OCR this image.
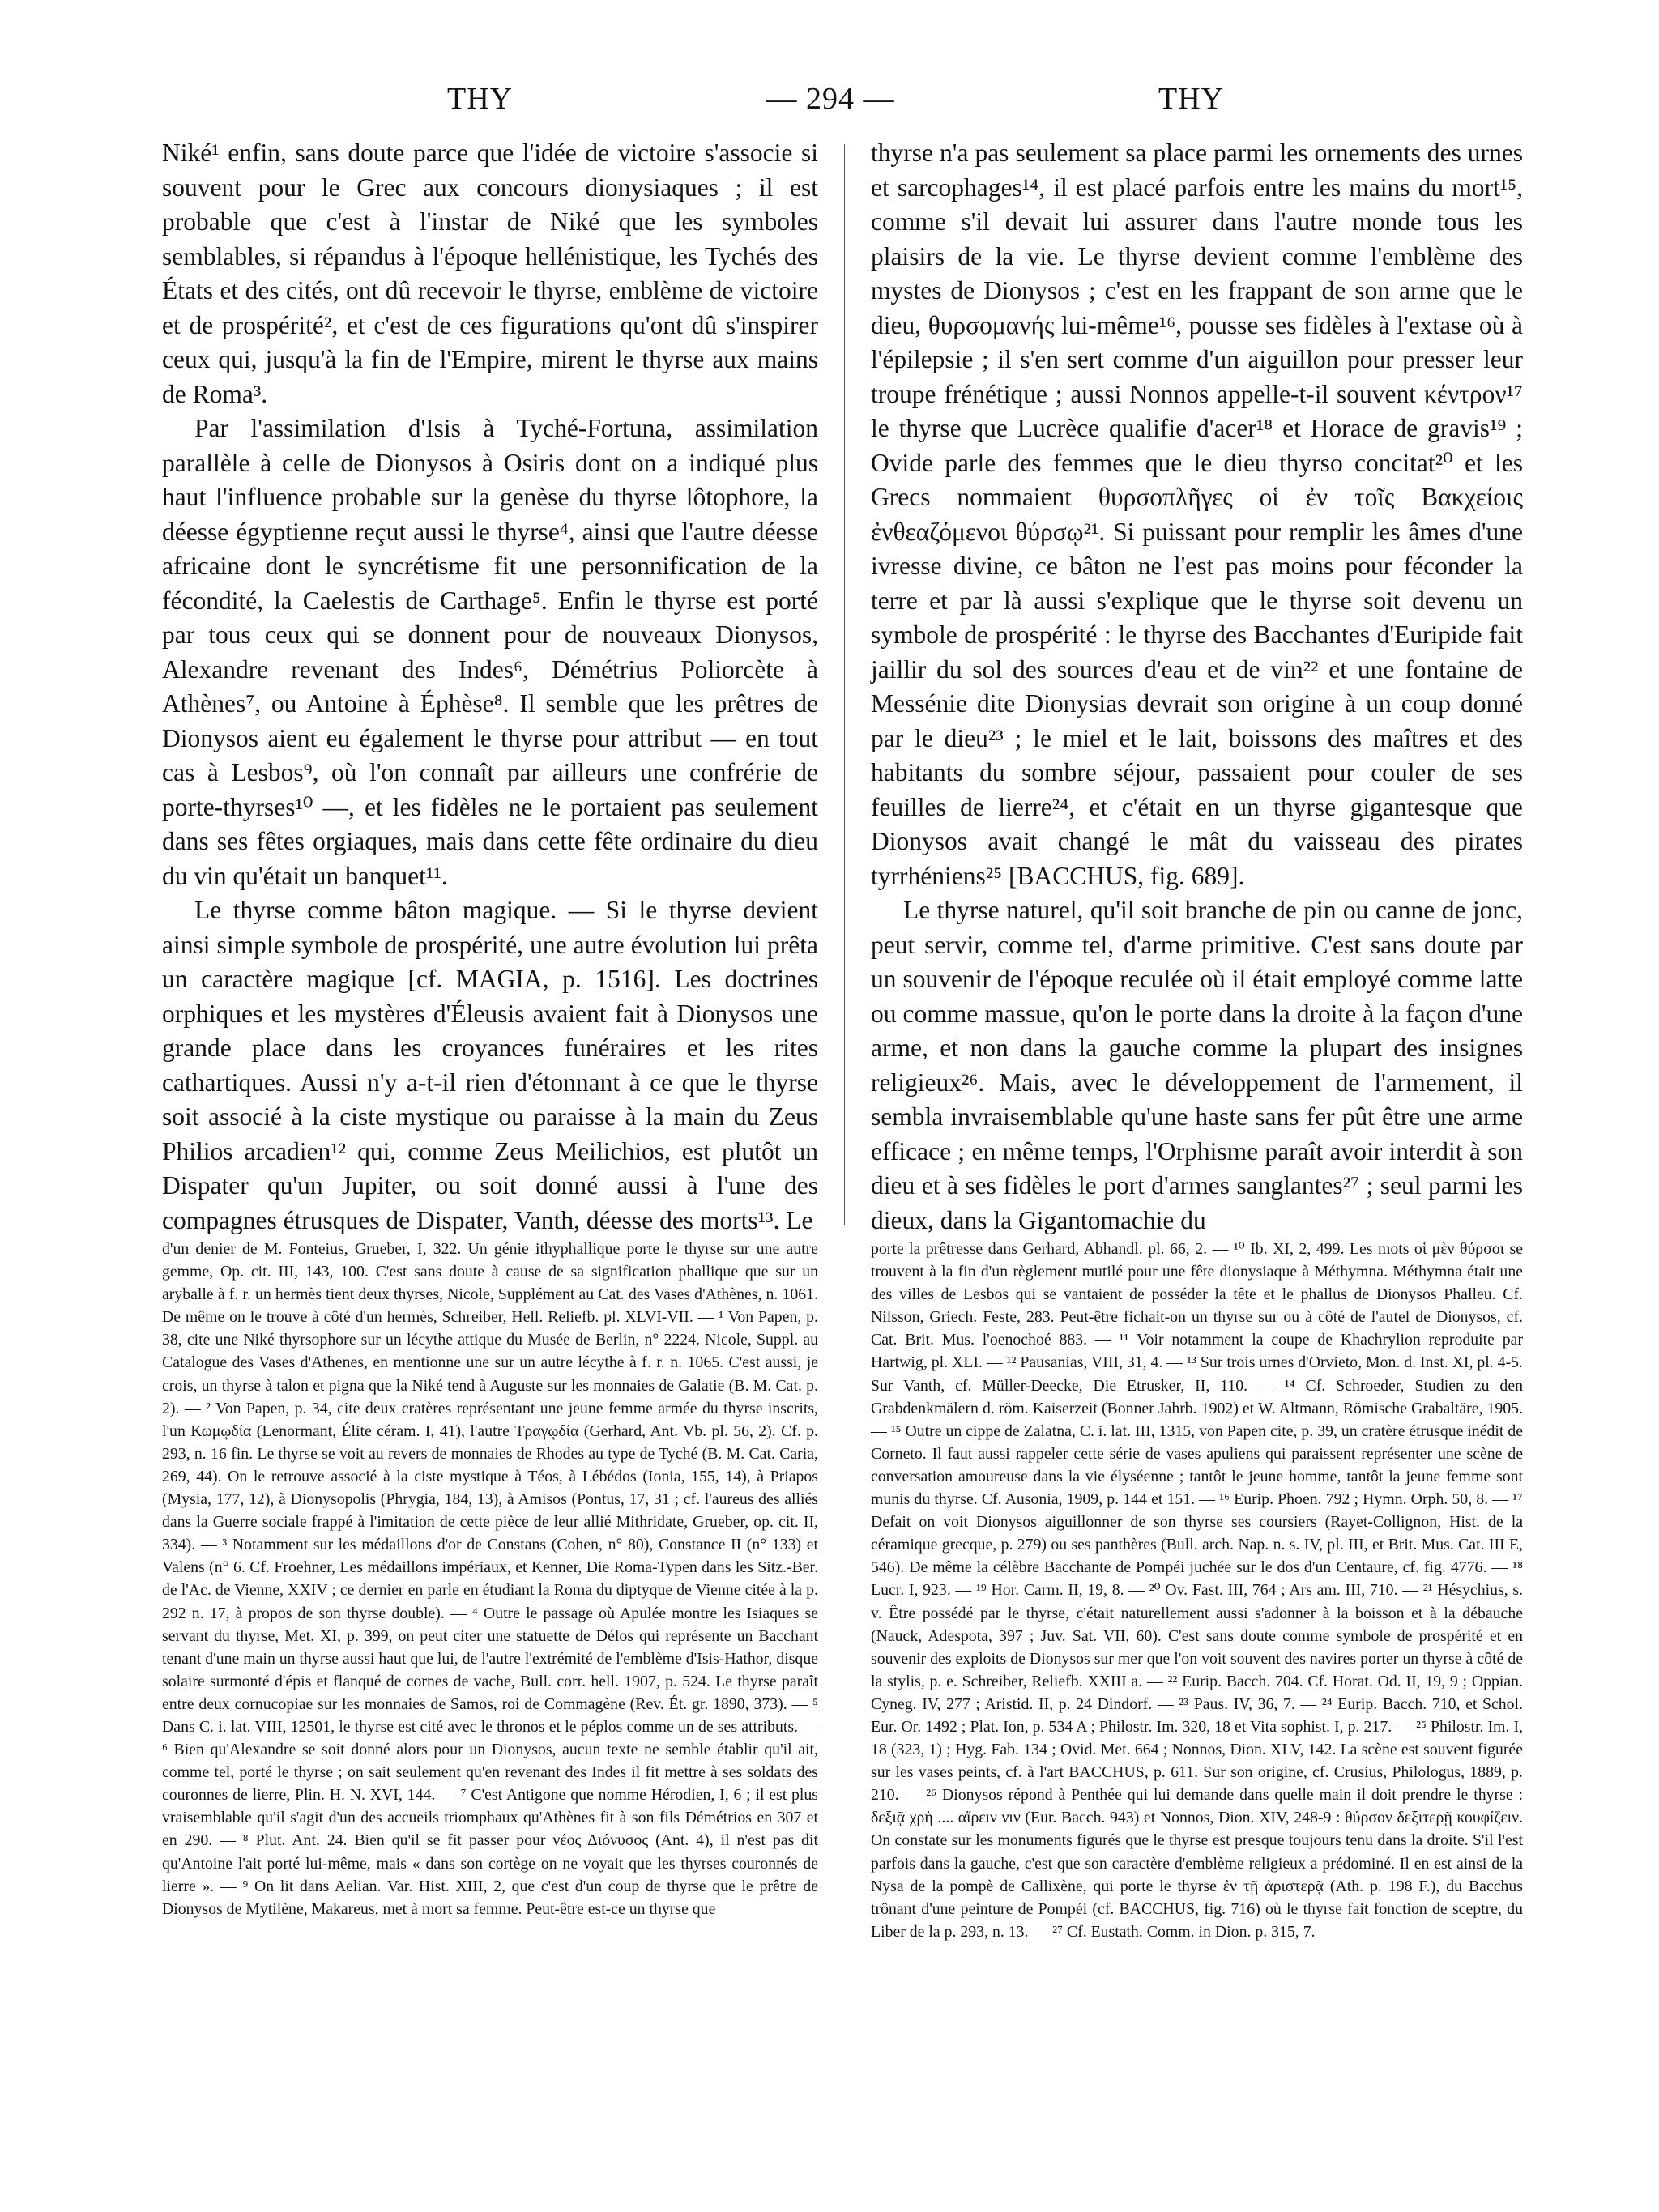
THY	— 294 —	THY

Niké¹ enfin, sans doute parce que l'idée de victoire s'associe si souvent pour le Grec aux concours dionysiaques ; il est probable que c'est à l'instar de Niké que les symboles semblables, si répandus à l'époque hellénistique, les Tychés des États et des cités, ont dû recevoir le thyrse, emblème de victoire et de prospérité², et c'est de ces figurations qu'ont dû s'inspirer ceux qui, jusqu'à la fin de l'Empire, mirent le thyrse aux mains de Roma³.

Par l'assimilation d'Isis à Tyché-Fortuna, assimilation parallèle à celle de Dionysos à Osiris dont on a indiqué plus haut l'influence probable sur la genèse du thyrse lôtophore, la déesse égyptienne reçut aussi le thyrse⁴, ainsi que l'autre déesse africaine dont le syncrétisme fit une personnification de la fécondité, la Caelestis de Carthage⁵. Enfin le thyrse est porté par tous ceux qui se donnent pour de nouveaux Dionysos, Alexandre revenant des Indes⁶, Démétrius Poliorcète à Athènes⁷, ou Antoine à Éphèse⁸. Il semble que les prêtres de Dionysos aient eu également le thyrse pour attribut — en tout cas à Lesbos⁹, où l'on connaît par ailleurs une confrérie de porte-thyrses¹⁰ —, et les fidèles ne le portaient pas seulement dans ses fêtes orgiaques, mais dans cette fête ordinaire du dieu du vin qu'était un banquet¹¹.

Le thyrse comme bâton magique. — Si le thyrse devient ainsi simple symbole de prospérité, une autre évolution lui prêta un caractère magique [cf. MAGIA, p. 1516]. Les doctrines orphiques et les mystères d'Éleusis avaient fait à Dionysos une grande place dans les croyances funéraires et les rites cathartiques. Aussi n'y a-t-il rien d'étonnant à ce que le thyrse soit associé à la ciste mystique ou paraisse à la main du Zeus Philios arcadien¹² qui, comme Zeus Meilichios, est plutôt un Dispater qu'un Jupiter, ou soit donné aussi à l'une des compagnes étrusques de Dispater, Vanth, déesse des morts¹³. Le

thyrse n'a pas seulement sa place parmi les ornements des urnes et sarcophages¹⁴, il est placé parfois entre les mains du mort¹⁵, comme s'il devait lui assurer dans l'autre monde tous les plaisirs de la vie. Le thyrse devient comme l'emblème des mystes de Dionysos ; c'est en les frappant de son arme que le dieu, θυρσομανής lui-même¹⁶, pousse ses fidèles à l'extase où à l'épilepsie ; il s'en sert comme d'un aiguillon pour presser leur troupe frénétique ; aussi Nonnos appelle-t-il souvent κέντρον¹⁷ le thyrse que Lucrèce qualifie d'acer¹⁸ et Horace de gravis¹⁹ ; Ovide parle des femmes que le dieu thyrso concitat²⁰ et les Grecs nommaient θυρσοπλῆγες οἱ ἐν τοῖς Βακχείοις ἐνθεαζόμενοι θύρσῳ²¹. Si puissant pour remplir les âmes d'une ivresse divine, ce bâton ne l'est pas moins pour féconder la terre et par là aussi s'explique que le thyrse soit devenu un symbole de prospérité : le thyrse des Bacchantes d'Euripide fait jaillir du sol des sources d'eau et de vin²² et une fontaine de Messénie dite Dionysias devrait son origine à un coup donné par le dieu²³ ; le miel et le lait, boissons des maîtres et des habitants du sombre séjour, passaient pour couler de ses feuilles de lierre²⁴, et c'était en un thyrse gigantesque que Dionysos avait changé le mât du vaisseau des pirates tyrrhéniens²⁵ [BACCHUS, fig. 689].

Le thyrse naturel, qu'il soit branche de pin ou canne de jonc, peut servir, comme tel, d'arme primitive. C'est sans doute par un souvenir de l'époque reculée où il était employé comme latte ou comme massue, qu'on le porte dans la droite à la façon d'une arme, et non dans la gauche comme la plupart des insignes religieux²⁶. Mais, avec le développement de l'armement, il sembla invraisemblable qu'une haste sans fer pût être une arme efficace ; en même temps, l'Orphisme paraît avoir interdit à son dieu et à ses fidèles le port d'armes sanglantes²⁷ ; seul parmi les dieux, dans la Gigantomachie du

d'un denier de M. Fonteius, Grueber, I, 322. Un génie ithyphallique porte le thyrse sur une autre gemme, Op. cit. III, 143, 100. C'est sans doute à cause de sa signification phallique que sur un aryballe à f. r. un hermès tient deux thyrses, Nicole, Supplément au Cat. des Vases d'Athènes, n. 1061. De même on le trouve à côté d'un hermès, Schreiber, Hell. Reliefb. pl. XLVI-VII. — ¹ Von Papen, p. 38, cite une Niké thyrsophore sur un lécythe attique du Musée de Berlin, n° 2224. Nicole, Suppl. au Catalogue des Vases d'Athenes, en mentionne une sur un autre lécythe à f. r. n. 1065. C'est aussi, je crois, un thyrse à talon et pigna que la Niké tend à Auguste sur les monnaies de Galatie (B. M. Cat. p. 2). — ² Von Papen, p. 34, cite deux cratères représentant une jeune femme armée du thyrse inscrits, l'un Κωμῳδία (Lenormant, Élite céram. I, 41), l'autre Τραγῳδία (Gerhard, Ant. Vb. pl. 56, 2). Cf. p. 293, n. 16 fin. Le thyrse se voit au revers de monnaies de Rhodes au type de Tyché (B. M. Cat. Caria, 269, 44). On le retrouve associé à la ciste mystique à Téos, à Lébédos (Ionia, 155, 14), à Priapos (Mysia, 177, 12), à Dionysopolis (Phrygia, 184, 13), à Amisos (Pontus, 17, 31 ; cf. l'aureus des alliés dans la Guerre sociale frappé à l'imitation de cette pièce de leur allié Mithridate, Grueber, op. cit. II, 334). — ³ Notamment sur les médaillons d'or de Constans (Cohen, n° 80), Constance II (n° 133) et Valens (n° 6. Cf. Froehner, Les médaillons impériaux, et Kenner, Die Roma-Typen dans les Sitz.-Ber. de l'Ac. de Vienne, XXIV ; ce dernier en parle en étudiant la Roma du diptyque de Vienne citée à la p. 292 n. 17, à propos de son thyrse double). — ⁴ Outre le passage où Apulée montre les Isiaques se servant du thyrse, Met. XI, p. 399, on peut citer une statuette de Délos qui représente un Bacchant tenant d'une main un thyrse aussi haut que lui, de l'autre l'extrémité de l'emblème d'Isis-Hathor, disque solaire surmonté d'épis et flanqué de cornes de vache, Bull. corr. hell. 1907, p. 524. Le thyrse paraît entre deux cornucopiae sur les monnaies de Samos, roi de Commagène (Rev. Ét. gr. 1890, 373). — ⁵ Dans C. i. lat. VIII, 12501, le thyrse est cité avec le thronos et le péplos comme un de ses attributs. — ⁶ Bien qu'Alexandre se soit donné alors pour un Dionysos, aucun texte ne semble établir qu'il ait, comme tel, porté le thyrse ; on sait seulement qu'en revenant des Indes il fit mettre à ses soldats des couronnes de lierre, Plin. H. N. XVI, 144. — ⁷ C'est Antigone que nomme Hérodien, I, 6 ; il est plus vraisemblable qu'il s'agit d'un des accueils triomphaux qu'Athènes fit à son fils Démétrios en 307 et en 290. — ⁸ Plut. Ant. 24. Bien qu'il se fit passer pour νέος Διόνυσος (Ant. 4), il n'est pas dit qu'Antoine l'ait porté lui-même, mais « dans son cortège on ne voyait que les thyrses couronnés de lierre ». — ⁹ On lit dans Aelian. Var. Hist. XIII, 2, que c'est d'un coup de thyrse que le prêtre de Dionysos de Mytilène, Makareus, met à mort sa femme. Peut-être est-ce un thyrse que

porte la prêtresse dans Gerhard, Abhandl. pl. 66, 2. — ¹⁰ Ib. XI, 2, 499. Les mots οἱ μὲν θύρσοι se trouvent à la fin d'un règlement mutilé pour une fête dionysiaque à Méthymna. Méthymna était une des villes de Lesbos qui se vantaient de posséder la tête et le phallus de Dionysos Phalleu. Cf. Nilsson, Griech. Feste, 283. Peut-être fichait-on un thyrse sur ou à côté de l'autel de Dionysos, cf. Cat. Brit. Mus. l'oenochoé 883. — ¹¹ Voir notamment la coupe de Khachrylion reproduite par Hartwig, pl. XLI. — ¹² Pausanias, VIII, 31, 4. — ¹³ Sur trois urnes d'Orvieto, Mon. d. Inst. XI, pl. 4-5. Sur Vanth, cf. Müller-Deecke, Die Etrusker, II, 110. — ¹⁴ Cf. Schroeder, Studien zu den Grabdenkmälern d. röm. Kaiserzeit (Bonner Jahrb. 1902) et W. Altmann, Römische Grabaltäre, 1905. — ¹⁵ Outre un cippe de Zalatna, C. i. lat. III, 1315, von Papen cite, p. 39, un cratère étrusque inédit de Corneto. Il faut aussi rappeler cette série de vases apuliens qui paraissent représenter une scène de conversation amoureuse dans la vie élyséenne ; tantôt le jeune homme, tantôt la jeune femme sont munis du thyrse. Cf. Ausonia, 1909, p. 144 et 151. — ¹⁶ Eurip. Phoen. 792 ; Hymn. Orph. 50, 8. — ¹⁷ Defait on voit Dionysos aiguillonner de son thyrse ses coursiers (Rayet-Collignon, Hist. de la céramique grecque, p. 279) ou ses panthères (Bull. arch. Nap. n. s. IV, pl. III, et Brit. Mus. Cat. III E, 546). De même la célèbre Bacchante de Pompéi juchée sur le dos d'un Centaure, cf. fig. 4776. — ¹⁸ Lucr. I, 923. — ¹⁹ Hor. Carm. II, 19, 8. — ²⁰ Ov. Fast. III, 764 ; Ars am. III, 710. — ²¹ Hésychius, s. v. Être possédé par le thyrse, c'était naturellement aussi s'adonner à la boisson et à la débauche (Nauck, Adespota, 397 ; Juv. Sat. VII, 60). C'est sans doute comme symbole de prospérité et en souvenir des exploits de Dionysos sur mer que l'on voit souvent des navires porter un thyrse à côté de la stylis, p. e. Schreiber, Reliefb. XXIII a. — ²² Eurip. Bacch. 704. Cf. Horat. Od. II, 19, 9 ; Oppian. Cyneg. IV, 277 ; Aristid. II, p. 24 Dindorf. — ²³ Paus. IV, 36, 7. — ²⁴ Eurip. Bacch. 710, et Schol. Eur. Or. 1492 ; Plat. Ion, p. 534 A ; Philostr. Im. 320, 18 et Vita sophist. I, p. 217. — ²⁵ Philostr. Im. I, 18 (323, 1) ; Hyg. Fab. 134 ; Ovid. Met. 664 ; Nonnos, Dion. XLV, 142. La scène est souvent figurée sur les vases peints, cf. à l'art BACCHUS, p. 611. Sur son origine, cf. Crusius, Philologus, 1889, p. 210. — ²⁶ Dionysos répond à Penthée qui lui demande dans quelle main il doit prendre le thyrse : δεξιᾷ χρὴ .... αἴρειν νιν (Eur. Bacch. 943) et Nonnos, Dion. XIV, 248-9 : θύρσον δεξιτερῇ κουφίζειν. On constate sur les monuments figurés que le thyrse est presque toujours tenu dans la droite. S'il l'est parfois dans la gauche, c'est que son caractère d'emblème religieux a prédominé. Il en est ainsi de la Nysa de la pompè de Callixène, qui porte le thyrse ἐν τῇ ἀριστερᾷ (Ath. p. 198 F.), du Bacchus trônant d'une peinture de Pompéi (cf. BACCHUS, fig. 716) où le thyrse fait fonction de sceptre, du Liber de la p. 293, n. 13. — ²⁷ Cf. Eustath. Comm. in Dion. p. 315, 7.
